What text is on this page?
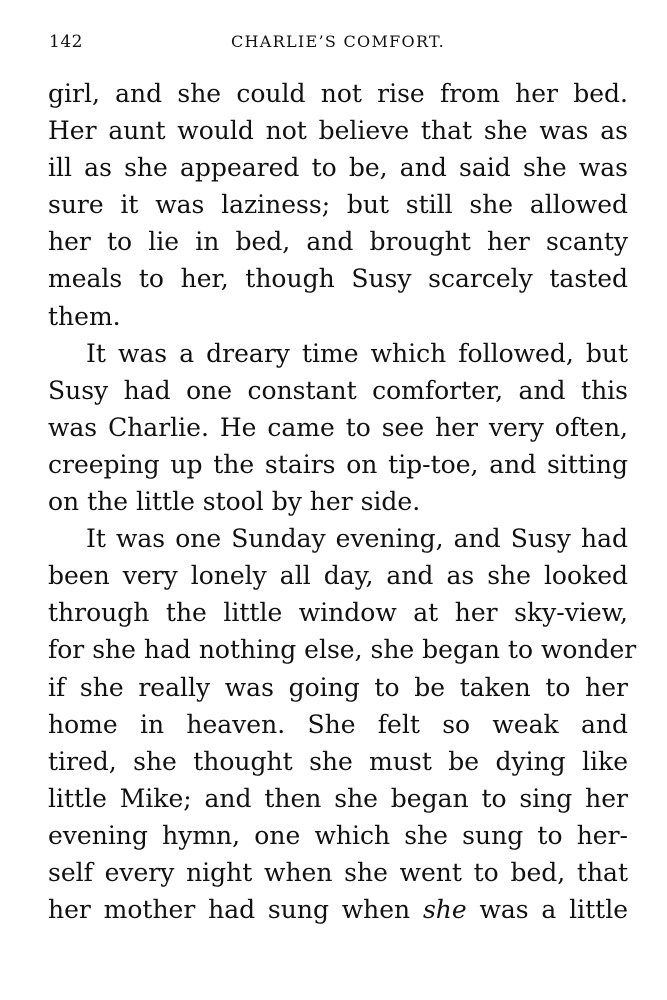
142	CHARLIE’S COMFORT.
girl, and she could not rise from her bed.
Her aunt would not believe that she was as
ill as she appeared to be, and said she was
sure it was laziness; but still she allowed
her to lie in bed, and brought her scanty
meals to her, though Susy scarcely tasted
them.
It was a dreary time which followed, but
Susy had one constant comforter, and this
was Charlie. He came to see her very often,
creeping up the stairs on tip-toe, and sitting
on the little stool by her side.
It was one Sunday evening, and Susy had
been very lonely all day, and as she looked
through the little window at her sky-view,
for she had nothing else, she began to wonder
if she really was going to be taken to her
home in heaven. She felt so weak and
tired, she thought she must be dying like
little Mike; and then she began to sing her
evening hymn, one which she sung to her-
self every night when she went to bed, that
her mother had sung when she was a little
